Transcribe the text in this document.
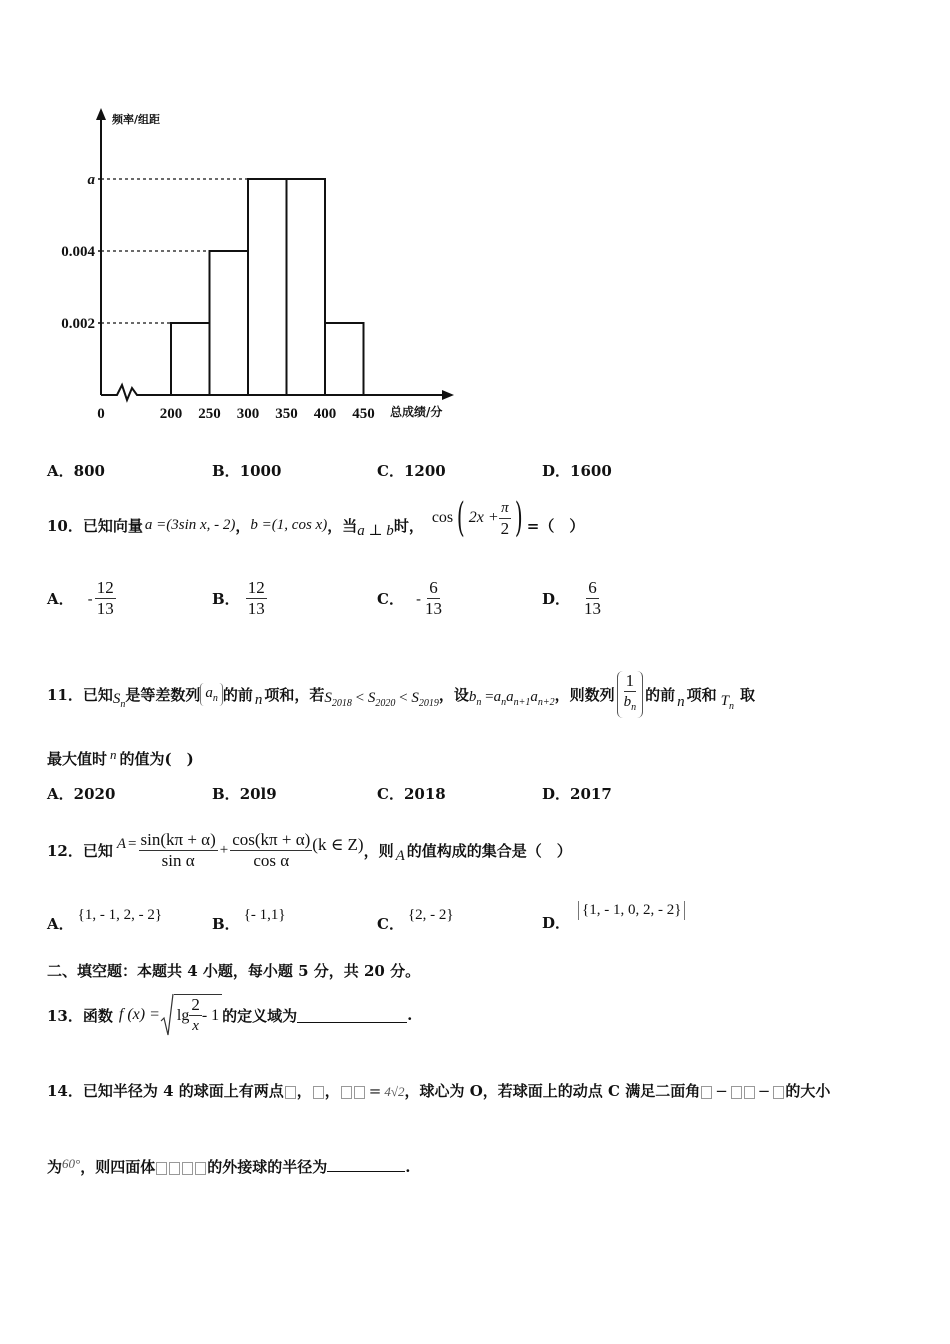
频率/组距
总成绩/分
0.002
0.004
a
0	200 250 300 350 400 450
A．800	B．1000	C．1200	D．1600
10．已知向量 a =(3sin x, - 2) ， b =(1, cos x) ，当 a ⊥ b 时， cos ( $2x + \frac{\pi}{2}$ ) =（　）
A． - $\frac{12}{13}$	B． $\frac{12}{13}$	C． - $\frac{6}{13}$	D． $\frac{6}{13}$
11．已知 $S_n$
是等差数列 $a_n$ 的前 n 项和，若 $S_{2018} < S_{2020} < S_{2019}$ ，设 $b_n =a_na_{n+1}a_{n+2}$ ，则数列 $\frac{1}{b_n}$ 的前 n 项和 $T_n$
取
最大值时 n 的值为(　)
A．2020	B．20l9	C．2018	D．2017
12．已知 $A = \frac{\sin(k\pi + \alpha)}{\text{sin α}} + \frac{\cos(k\pi + \alpha)}{\text{cos α}} (k$ ∈ Z) ，则 A 的值构成的集合是（　）
A． {1, - 1, 2, - 2}	B． {- 1,1}	C． {2, - 2}	D．
{1, - 1, 0, 2, - 2}
二、填空题：本题共 4 小题，每小题 5 分，共 20 分。
13．函数 f $(x) = \lg \frac{2}{x} - 1$ 的定义域为	.
14．已知半径为 4 的球面上有两点 ， ， = 4√2，球心为 O，若球面上的动点 C 满足二面角 − − 的大小
为60°，则四面体	的外接球的半径为	.
